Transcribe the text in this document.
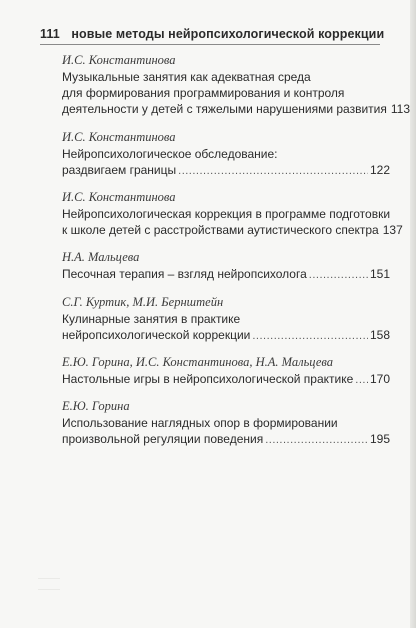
111 новые методы нейропсихологической коррекции
И.С. Константинова
Музыкальные занятия как адекватная среда
для формирования программирования и контроля
деятельности у детей с тяжелыми нарушениями развития 113
И.С. Константинова
Нейропсихологическое обследование:
раздвигаем границы .....	122
И.С. Константинова
Нейропсихологическая коррекция в программе подготовки
к школе детей с расстройствами аутистического спектра 137
Н.А. Мальцева
Песочная терапия – взгляд нейропсихолога .....	151
С.Г. Куртик, М.И. Бернштейн
Кулинарные занятия в практике
нейропсихологической коррекции .....	158
Е.Ю. Горина, И.С. Константинова, Н.А. Мальцева
Настольные игры в нейропсихологической практике ..... 170
Е.Ю. Горина
Использование наглядных опор в формировании
произвольной регуляции поведения .....	195
